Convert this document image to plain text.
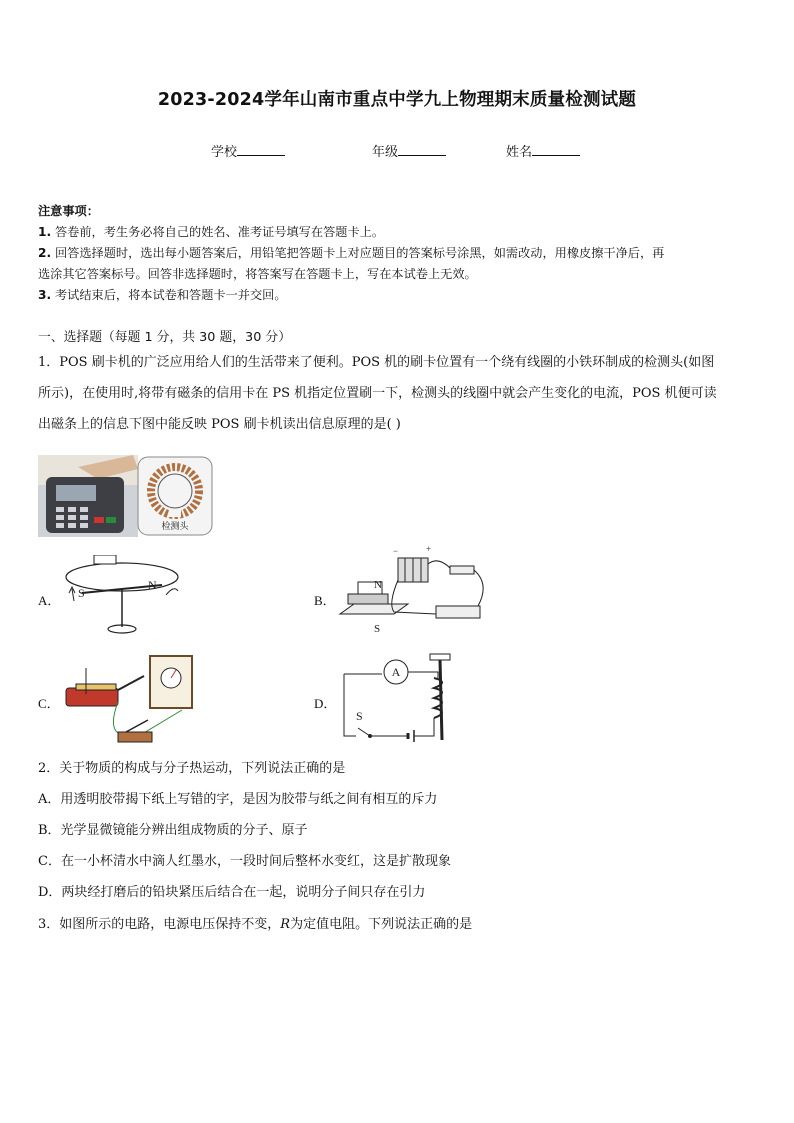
2023-2024学年山南市重点中学九上物理期末质量检测试题
学校	年级	姓名
注意事项：
1. 答卷前，考生务必将自己的姓名、准考证号填写在答题卡上。
2. 回答选择题时，选出每小题答案后，用铅笔把答题卡上对应题目的答案标号涂黑，如需改动，用橡皮擦干净后，再
选涂其它答案标号。回答非选择题时，将答案写在答题卡上，写在本试卷上无效。
3. 考试结束后，将本试卷和答题卡一并交回。
一、选择题（每题 1 分，共 30 题，30 分）
1．POS 刷卡机的广泛应用给人们的生活带来了便利。POS 机的刷卡位置有一个绕有线圈的小铁环制成的检测头(如图
所示)，在使用时,将带有磁条的信用卡在 PS 机指定位置刷一下，检测头的线圈中就会产生变化的电流，POS 机便可读
出磁条上的信息下图中能反映 POS 刷卡机读出信息原理的是( )
检测头
A． S
N
B．
−	+
N
S
C．	D．
A
S
2．关于物质的构成与分子热运动，下列说法正确的是
A．用透明胶带揭下纸上写错的字，是因为胶带与纸之间有相互的斥力
B．光学显微镜能分辨出组成物质的分子、原子
C．在一小杯清水中滴人红墨水，一段时间后整杯水变红，这是扩散现象
D．两块经打磨后的铅块紧压后结合在一起，说明分子间只存在引力
3．如图所示的电路，电源电压保持不变，R为定值电阻。下列说法正确的是
